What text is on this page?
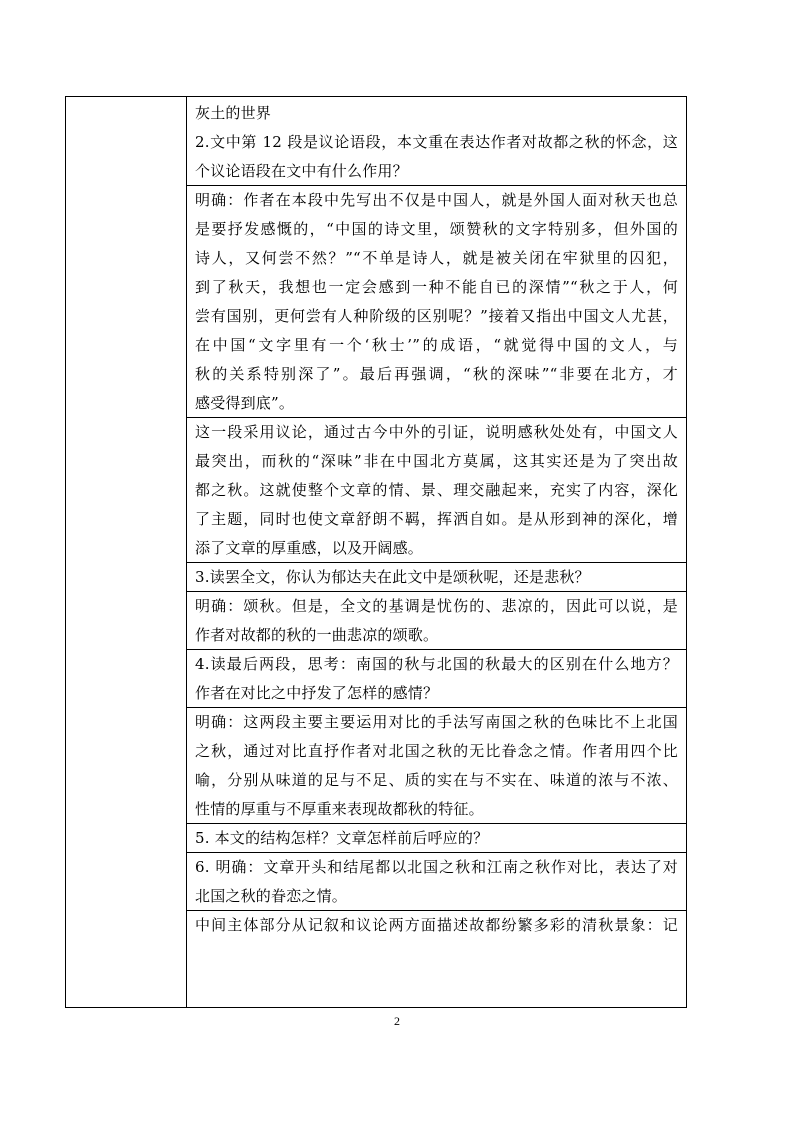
灰土的世界
2.文中第 12 段是议论语段，本文重在表达作者对故都之秋的怀念，这
个议论语段在文中有什么作用？
明确：作者在本段中先写出不仅是中国人，就是外国人面对秋天也总
是要抒发感慨的，“中国的诗文里，颂赞秋的文字特别多，但外国的
诗人，又何尝不然？”“不单是诗人，就是被关闭在牢狱里的囚犯，
到了秋天，我想也一定会感到一种不能自已的深情”“秋之于人，何
尝有国别，更何尝有人种阶级的区别呢？”接着又指出中国文人尤甚，
在中国“文字里有一个‘秋士’”的成语，“就觉得中国的文人，与
秋的关系特别深了”。最后再强调，“秋的深味”“非要在北方，才
感受得到底”。
这一段采用议论，通过古今中外的引证，说明感秋处处有，中国文人
最突出，而秋的“深味”非在中国北方莫属，这其实还是为了突出故
都之秋。这就使整个文章的情、景、理交融起来，充实了内容，深化
了主题，同时也使文章舒朗不羁，挥洒自如。是从形到神的深化，增
添了文章的厚重感，以及开阔感。
3.读罢全文，你认为郁达夫在此文中是颂秋呢，还是悲秋？
明确：颂秋。但是，全文的基调是忧伤的、悲凉的，因此可以说，是
作者对故都的秋的一曲悲凉的颂歌。
4.读最后两段，思考：南国的秋与北国的秋最大的区别在什么地方？
作者在对比之中抒发了怎样的感情？
明确：这两段主要主要运用对比的手法写南国之秋的色味比不上北国
之秋，通过对比直抒作者对北国之秋的无比眷念之情。作者用四个比
喻，分别从味道的足与不足、质的实在与不实在、味道的浓与不浓、
性情的厚重与不厚重来表现故都秋的特征。
5. 本文的结构怎样？文章怎样前后呼应的？
6. 明确：文章开头和结尾都以北国之秋和江南之秋作对比，表达了对
北国之秋的眷恋之情。
中间主体部分从记叙和议论两方面描述故都纷繁多彩的清秋景象：记
2
